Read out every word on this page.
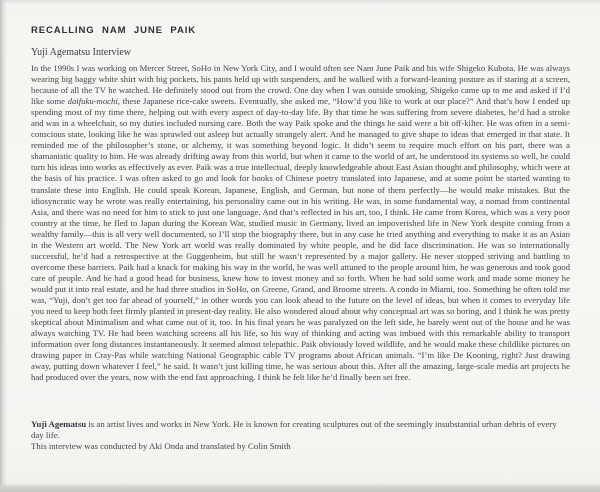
RECALLING NAM JUNE PAIK
Yuji Agematsu Interview

In the 1990s I was working on Mercer Street, SoHo in New York City, and I would often see Nam June Paik and his wife Shigeko Kubota. He was always wearing big baggy white shirt with big pockets, his pants held up with suspenders, and he walked with a forward-leaning posture as if staring at a screen, because of all the TV he watched. He definitely stood out from the crowd. One day when I was outside smoking, Shigeko came up to me and asked if I’d like some daifuku-mochi, these Japanese rice-cake sweets. Eventually, she asked me, “How’d you like to work at our place?” And that’s how I ended up spending most of my time there, helping out with every aspect of day-to-day life. By that time he was suffering from severe diabetes, he’d had a stroke and was in a wheelchair, so my duties included nursing care. Both the way Paik spoke and the things he said were a bit off-kilter. He was often in a semi-conscious state, looking like he was sprawled out asleep but actually strangely alert. And he managed to give shape to ideas that emerged in that state. It reminded me of the philosopher’s stone, or alchemy, it was something beyond logic. It didn’t seem to require much effort on his part, there was a shamanistic quality to him. He was already drifting away from this world, but when it came to the world of art, he understood its systems so well, he could turn his ideas into works as effectively as ever. Paik was a true intellectual, deeply knowledgeable about East Asian thought and philosophy, which were at the basis of his practice. I was often asked to go and look for books of Chinese poetry translated into Japanese, and at some point he started wanting to translate these into English. He could speak Korean, Japanese, English, and German, but none of them perfectly—he would make mistakes. But the idiosyncratic way he wrote was really entertaining, his personality came out in his writing. He was, in some fundamental way, a nomad from continental Asia, and there was no need for him to stick to just one language. And that’s reflected in his art, too, I think. He came from Korea, which was a very poor country at the time, he fled to Japan during the Korean War, studied music in Germany, lived an impoverished life in New York despite coming from a wealthy family—this is all very well documented, so I’ll stop the biography there, but in any case he tried anything and everything to make it as an Asian in the Western art world. The New York art world was really dominated by white people, and he did face discrimination. He was so internationally successful, he’d had a retrospective at the Guggenheim, but still he wasn’t represented by a major gallery. He never stopped striving and battling to overcome these barriers. Paik had a knack for making his way in the world, he was well attuned to the people around him, he was generous and took good care of people. And he had a good head for business, knew how to invest money and so forth. When he had sold some work and made some money he would put it into real estate, and he had three studios in SoHo, on Greene, Grand, and Broome streets. A condo in Miami, too. Something he often told me was, “Yuji, don’t get too far ahead of yourself,” in other words you can look ahead to the future on the level of ideas, but when it comes to everyday life you need to keep both feet firmly planted in present-day reality. He also wondered aloud about why conceptual art was so boring, and I think he was pretty skeptical about Minimalism and what came out of it, too. In his final years he was paralyzed on the left side, he barely went out of the house and he was always watching TV. He had been watching screens all his life, so his way of thinking and acting was imbued with this remarkable ability to transport information over long distances instantaneously. It seemed almost telepathic. Paik obviously loved wildlife, and he would make these childlike pictures on drawing paper in Cray-Pas while watching National Geographic cable TV programs about African animals. “I’m like De Kooning, right? Just drawing away, putting down whatever I feel,” he said. It wasn’t just killing time, he was serious about this. After all the amazing, large-scale media art projects he had produced over the years, now with the end fast approaching, I think he felt like he’d finally been set free.

Yuji Agematsu is an artist lives and works in New York. He is known for creating sculptures out of the seemingly insubstantial urban debris of every day life.

This interview was conducted by Aki Onda and translated by Colin Smith
